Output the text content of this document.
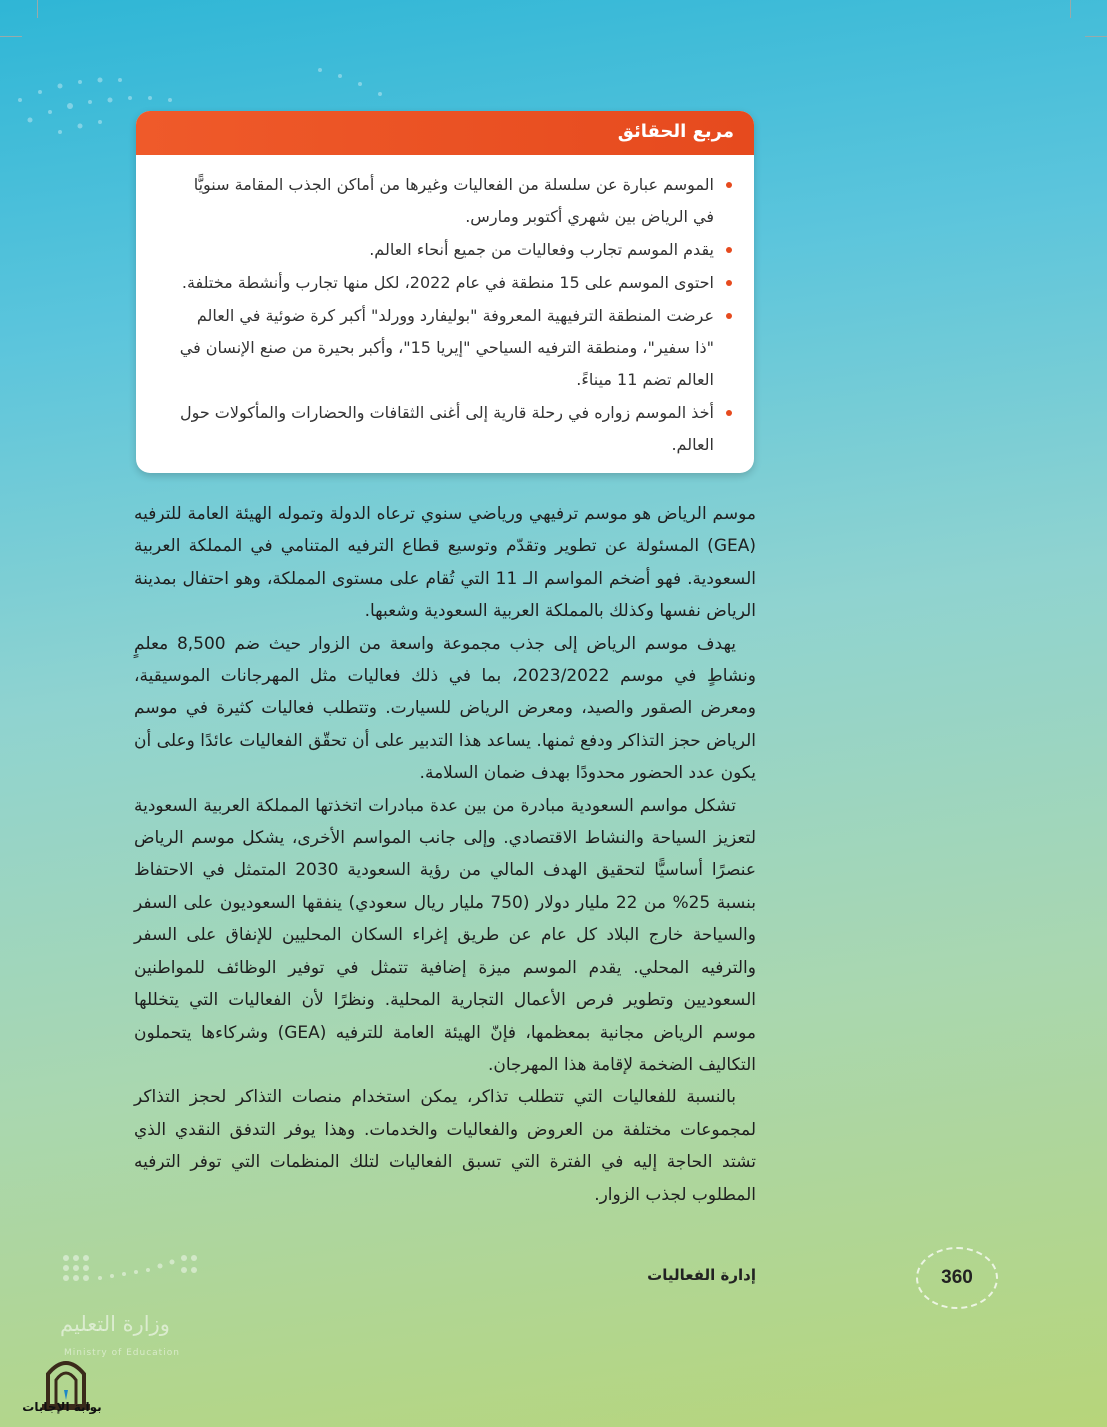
مربع الحقائق
الموسم عبارة عن سلسلة من الفعاليات وغيرها من أماكن الجذب المقامة سنويًّا في الرياض بين شهري أكتوبر ومارس.
يقدم الموسم تجارب وفعاليات من جميع أنحاء العالم.
احتوى الموسم على 15 منطقة في عام 2022، لكل منها تجارب وأنشطة مختلفة.
عرضت المنطقة الترفيهية المعروفة "بوليفارد وورلد" أكبر كرة ضوئية في العالم "ذا سفير"، ومنطقة الترفيه السياحي "إيريا 15"، وأكبر بحيرة من صنع الإنسان في العالم تضم 11 ميناءً.
أخذ الموسم زواره في رحلة قارية إلى أغنى الثقافات والحضارات والمأكولات حول العالم.

موسم الرياض هو موسم ترفيهي ورياضي سنوي ترعاه الدولة وتموله الهيئة العامة للترفيه (GEA) المسئولة عن تطوير وتقدّم وتوسيع قطاع الترفيه المتنامي في المملكة العربية السعودية. فهو أضخم المواسم الـ 11 التي تُقام على مستوى المملكة، وهو احتفال بمدينة الرياض نفسها وكذلك بالمملكة العربية السعودية وشعبها.

يهدف موسم الرياض إلى جذب مجموعة واسعة من الزوار حيث ضم 8,500 معلمٍ ونشاطٍ في موسم 2023/2022، بما في ذلك فعاليات مثل المهرجانات الموسيقية، ومعرض الصقور والصيد، ومعرض الرياض للسيارت. وتتطلب فعاليات كثيرة في موسم الرياض حجز التذاكر ودفع ثمنها. يساعد هذا التدبير على أن تحقّق الفعاليات عائدًا وعلى أن يكون عدد الحضور محدودًا بهدف ضمان السلامة.

تشكل مواسم السعودية مبادرة من بين عدة مبادرات اتخذتها المملكة العربية السعودية لتعزيز السياحة والنشاط الاقتصادي. وإلى جانب المواسم الأخرى، يشكل موسم الرياض عنصرًا أساسيًّا لتحقيق الهدف المالي من رؤية السعودية 2030 المتمثل في الاحتفاظ بنسبة 25% من 22 مليار دولار (750 مليار ريال سعودي) ينفقها السعوديون على السفر والسياحة خارج البلاد كل عام عن طريق إغراء السكان المحليين للإنفاق على السفر والترفيه المحلي. يقدم الموسم ميزة إضافية تتمثل في توفير الوظائف للمواطنين السعوديين وتطوير فرص الأعمال التجارية المحلية. ونظرًا لأن الفعاليات التي يتخللها موسم الرياض مجانية بمعظمها، فإنّ الهيئة العامة للترفيه (GEA) وشركاءها يتحملون التكاليف الضخمة لإقامة هذا المهرجان.

بالنسبة للفعاليات التي تتطلب تذاكر، يمكن استخدام منصات التذاكر لحجز التذاكر لمجموعات مختلفة من العروض والفعاليات والخدمات. وهذا يوفر التدفق النقدي الذي تشتد الحاجة إليه في الفترة التي تسبق الفعاليات لتلك المنظمات التي توفر الترفيه المطلوب لجذب الزوار.

360
إدارة الفعاليات
وزارة التعليم
Ministry of Education
بوابة الإجابات
